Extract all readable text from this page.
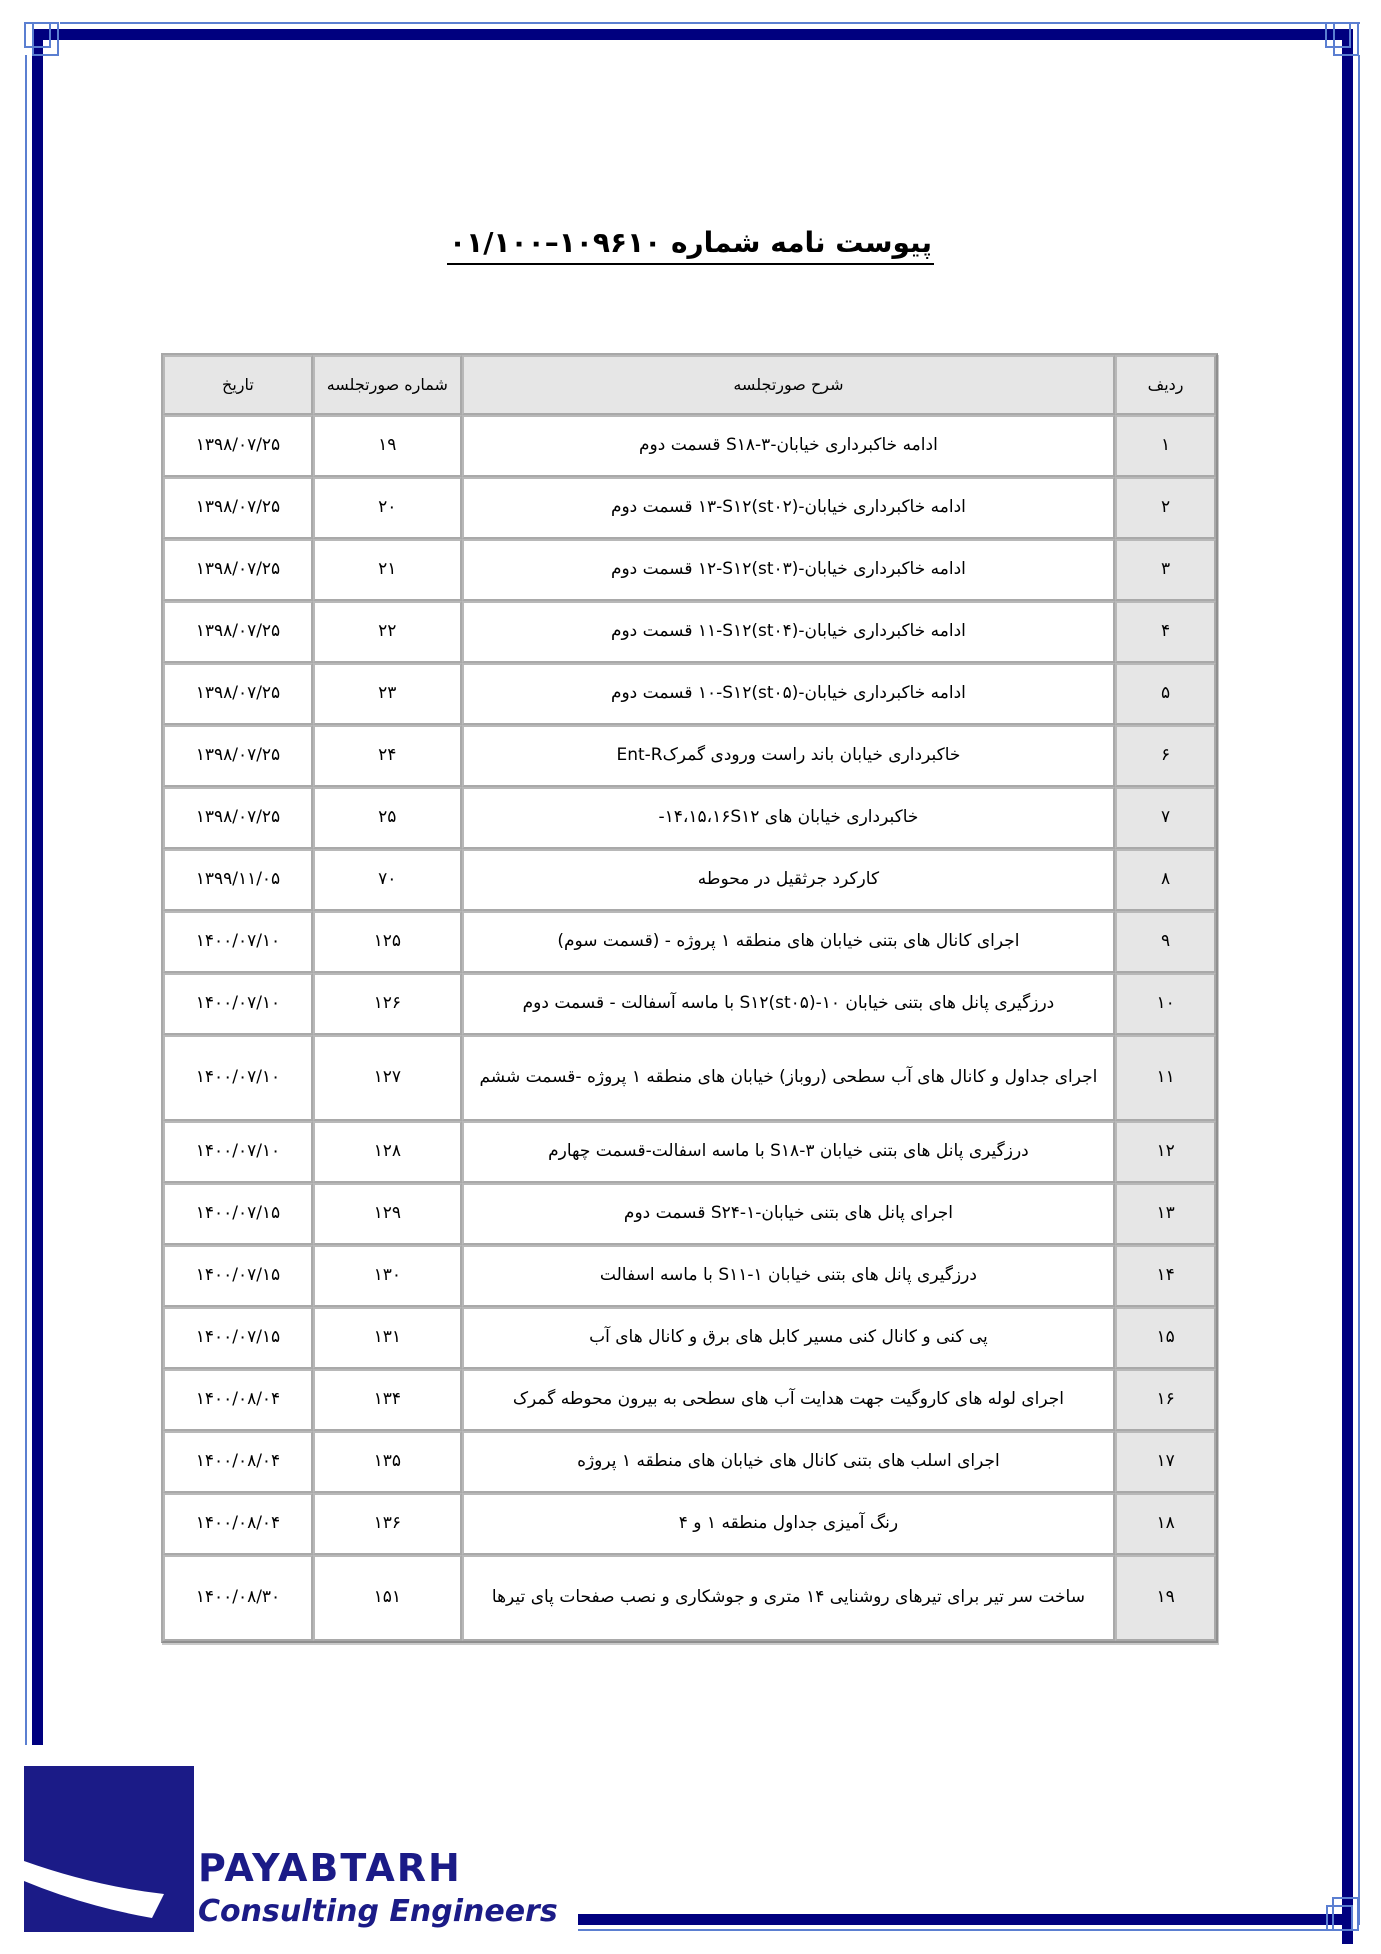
پیوست نامه شماره ۱۰۹۶۱۰–۰۱/۱۰۰
ردیف	شرح صورتجلسه	شماره صورتجلسه	تاریخ
۱	ادامه خاکبرداری خیابان-۳-S۱۸ قسمت دوم	۱۹	۱۳۹۸/۰۷/۲۵
۲	ادامه خاکبرداری خیابان-(st۰۲)۱۳-S۱۲ قسمت دوم	۲۰	۱۳۹۸/۰۷/۲۵
۳	ادامه خاکبرداری خیابان-(st۰۳)۱۲-S۱۲ قسمت دوم	۲۱	۱۳۹۸/۰۷/۲۵
۴	ادامه خاکبرداری خیابان-(st۰۴)۱۱-S۱۲ قسمت دوم	۲۲	۱۳۹۸/۰۷/۲۵
۵	ادامه خاکبرداری خیابان-(st۰۵)۱۰-S۱۲ قسمت دوم	۲۳	۱۳۹۸/۰۷/۲۵
۶	خاکبرداری خیابان باند راست ورودی گمرکEnt-R	۲۴	۱۳۹۸/۰۷/۲۵
۷	خاکبرداری خیابان های ۱۴،۱۵،۱۶S۱۲-	۲۵	۱۳۹۸/۰۷/۲۵
۸	کارکرد جرثقیل در محوطه	۷۰	۱۳۹۹/۱۱/۰۵
۹	اجرای کانال های بتنی خیابان های منطقه ۱ پروژه - (قسمت سوم)	۱۲۵	۱۴۰۰/۰۷/۱۰
۱۰	درزگیری پانل های بتنی خیابان ۱۰-S۱۲(st۰۵) با ماسه آسفالت - قسمت دوم	۱۲۶	۱۴۰۰/۰۷/۱۰
۱۱	اجرای جداول و کانال های آب سطحی (روباز) خیابان های منطقه ۱ پروژه -قسمت ششم	۱۲۷	۱۴۰۰/۰۷/۱۰
۱۲	درزگیری پانل های بتنی خیابان ۳-S۱۸ با ماسه اسفالت-قسمت چهارم	۱۲۸	۱۴۰۰/۰۷/۱۰
۱۳	اجرای پانل های بتنی خیابان-۱-S۲۴ قسمت دوم	۱۲۹	۱۴۰۰/۰۷/۱۵
۱۴	درزگیری پانل های بتنی خیابان ۱-S۱۱ با ماسه اسفالت	۱۳۰	۱۴۰۰/۰۷/۱۵
۱۵	پی کنی و کانال کنی مسیر کابل های برق و کانال های آب	۱۳۱	۱۴۰۰/۰۷/۱۵
۱۶	اجرای لوله های کاروگیت جهت هدایت آب های سطحی به بیرون محوطه گمرک	۱۳۴	۱۴۰۰/۰۸/۰۴
۱۷	اجرای اسلب های بتنی کانال های خیابان های منطقه ۱ پروژه	۱۳۵	۱۴۰۰/۰۸/۰۴
۱۸	رنگ آمیزی جداول منطقه ۱ و ۴	۱۳۶	۱۴۰۰/۰۸/۰۴
۱۹	ساخت سر تیر برای تیرهای روشنایی ۱۴ متری و جوشکاری و نصب صفحات پای تیرها	۱۵۱	۱۴۰۰/۰۸/۳۰
PAYABTARH
Consulting Engineers
